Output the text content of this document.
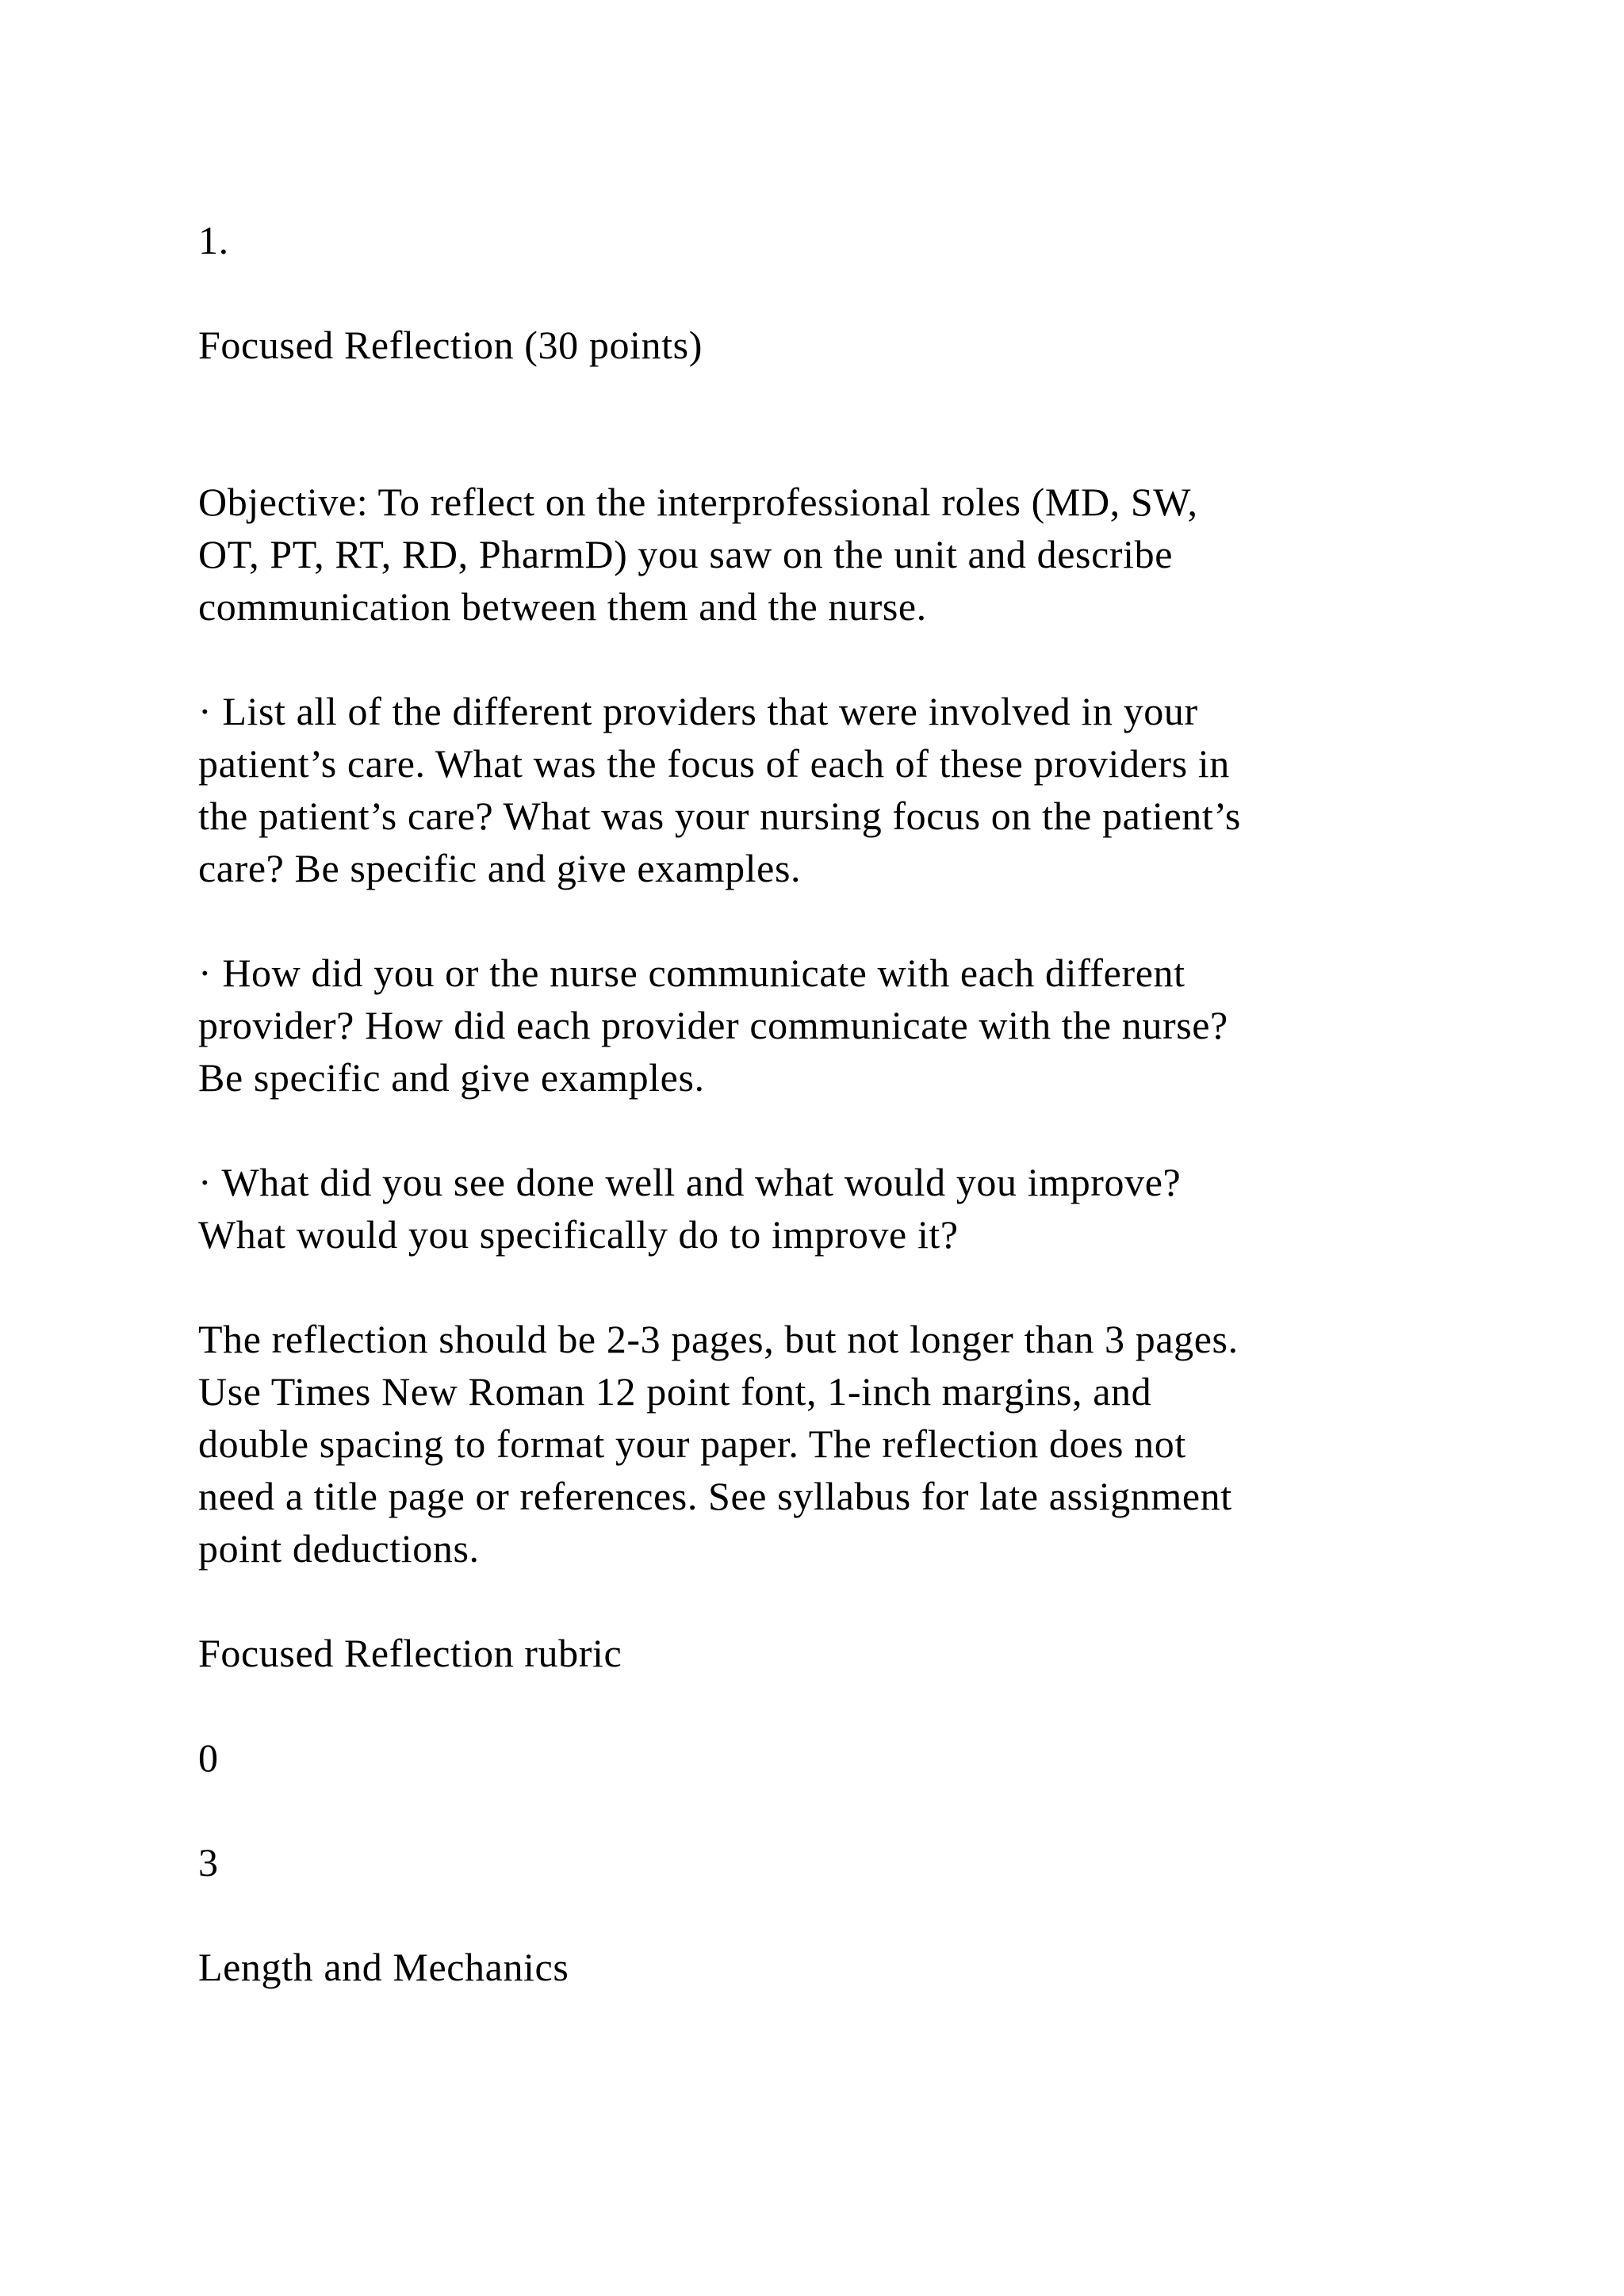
1.

Focused Reflection (30 points)

Objective: To reflect on the interprofessional roles (MD, SW,
OT, PT, RT, RD, PharmD) you saw on the unit and describe
communication between them and the nurse.

· List all of the different providers that were involved in your
patient’s care. What was the focus of each of these providers in
the patient’s care? What was your nursing focus on the patient’s
care? Be specific and give examples.

· How did you or the nurse communicate with each different
provider? How did each provider communicate with the nurse?
Be specific and give examples.

· What did you see done well and what would you improve?
What would you specifically do to improve it?

The reflection should be 2-3 pages, but not longer than 3 pages.
Use Times New Roman 12 point font, 1-inch margins, and
double spacing to format your paper. The reflection does not
need a title page or references. See syllabus for late assignment
point deductions.

Focused Reflection rubric

0

3

Length and Mechanics
